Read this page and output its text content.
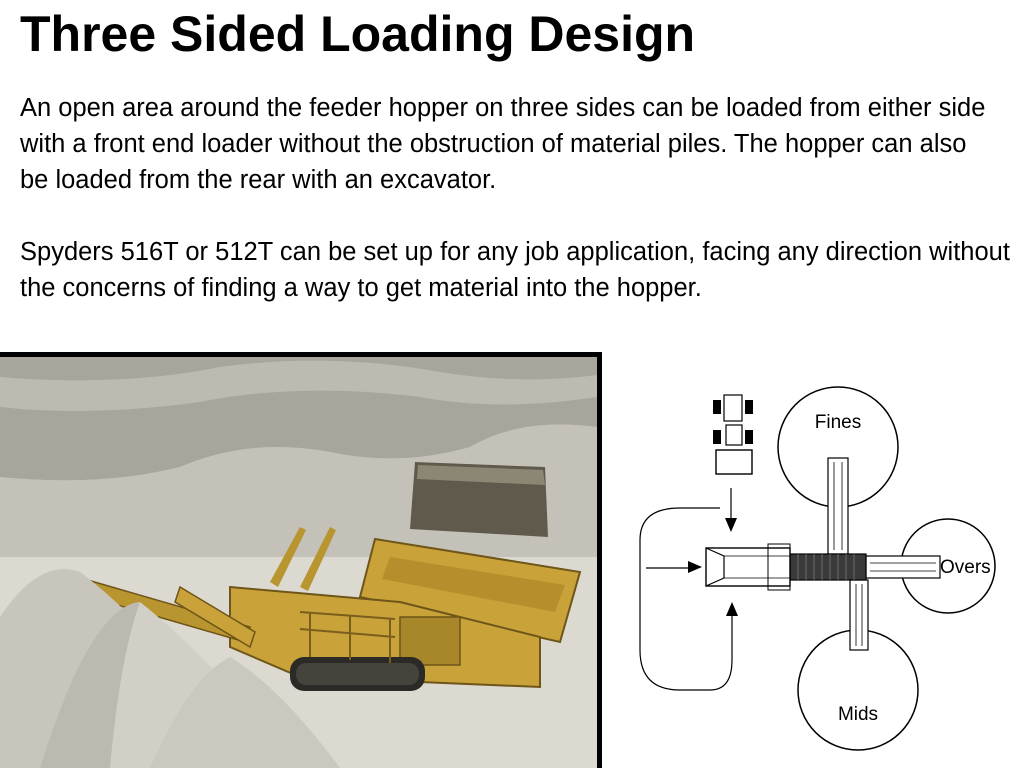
Three Sided Loading Design

An open area around the feeder hopper on three sides can be loaded from either side
with a front end loader without the obstruction of material piles. The hopper can also
be loaded from the rear with an excavator.

Spyders 516T or 512T can be set up for any job application, facing any direction without
the concerns of finding a way to get material into the hopper.

Fines
Overs
Mids
